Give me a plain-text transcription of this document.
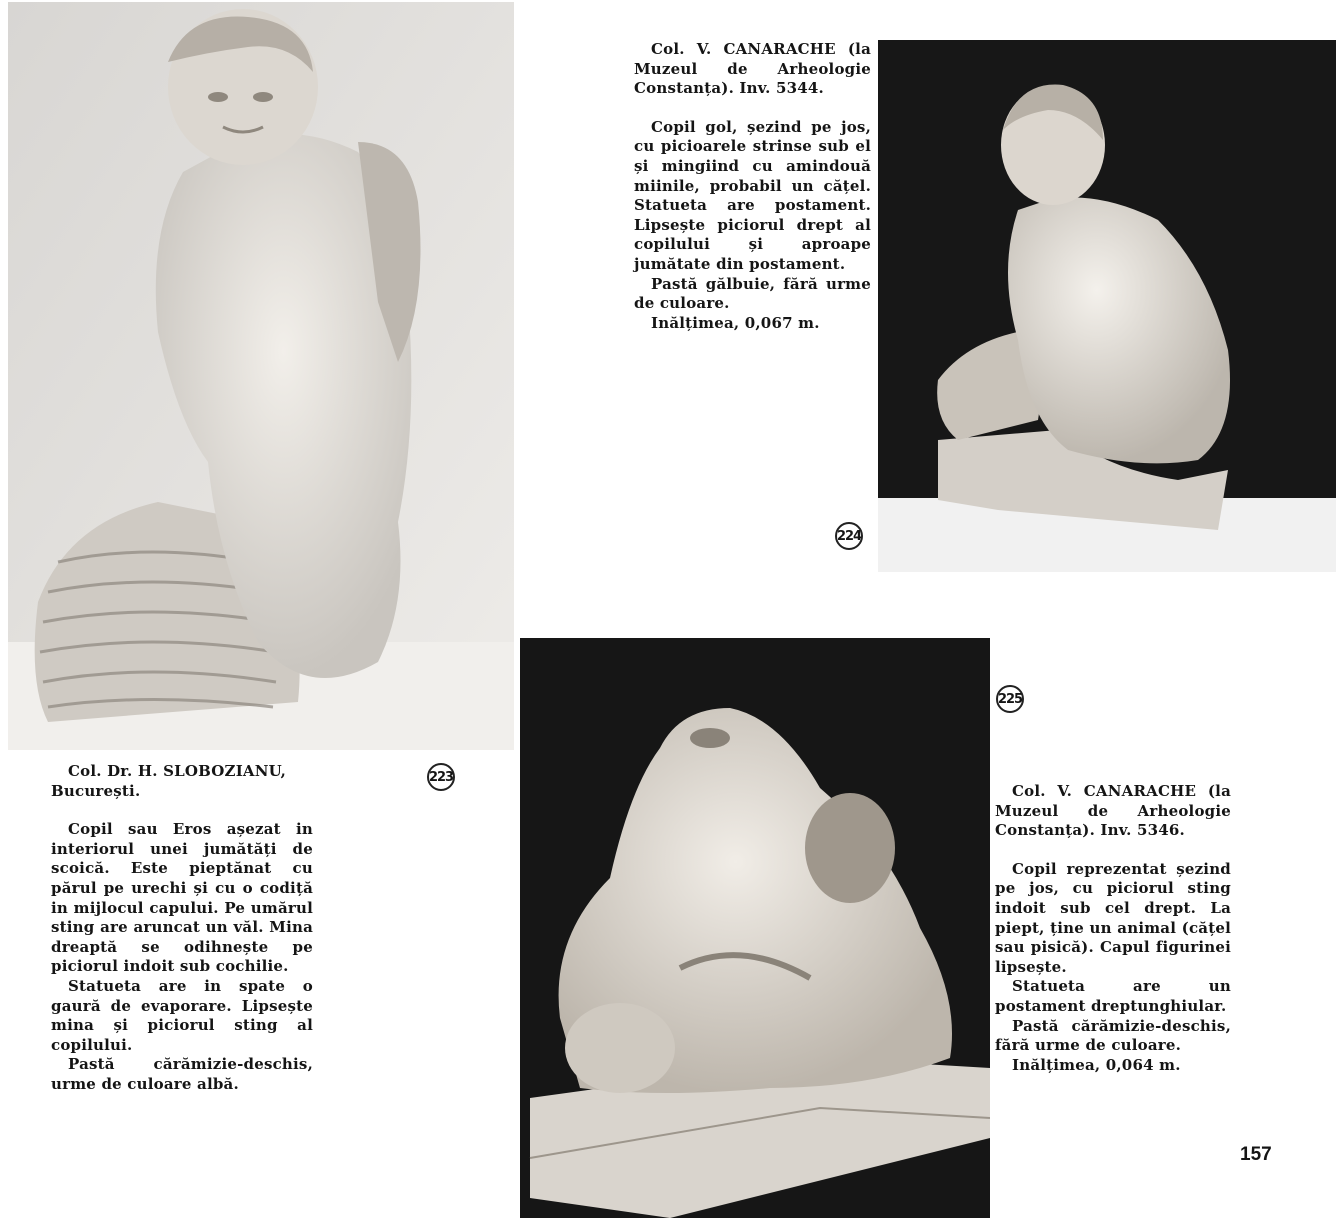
223
224
225

Col. Dr. H. SLOBOZIANU,

București.

Copil sau Eros așezat in interiorul unei jumătăți de scoică. Este pieptănat cu părul pe urechi și cu o codiță in mijlocul capului. Pe umărul sting are aruncat un văl. Mina dreaptă se odihnește pe piciorul indoit sub cochilie.

Statueta are in spate o gaură de evaporare. Lipsește mina și piciorul sting al copilului.

Pastă cărămizie-deschis, urme de culoare albă.

Col. V. CANARACHE (la Muzeul de Arheologie Constanța). Inv. 5344.

Copil gol, șezind pe jos, cu picioarele strinse sub el și mingiind cu amindouă miinile, probabil un cățel. Statueta are postament. Lipsește piciorul drept al copilului și aproape jumătate din postament.

Pastă gălbuie, fără urme de culoare.

Inălțimea, 0,067 m.

Col. V. CANARACHE (la Muzeul de Arheologie Constanța). Inv. 5346.

Copil reprezentat șezind pe jos, cu piciorul sting indoit sub cel drept. La piept, ține un animal (cățel sau pisică). Capul figurinei lipsește.

Statueta are un postament dreptunghiular.

Pastă cărămizie-deschis, fără urme de culoare.

Inălțimea, 0,064 m.

157
